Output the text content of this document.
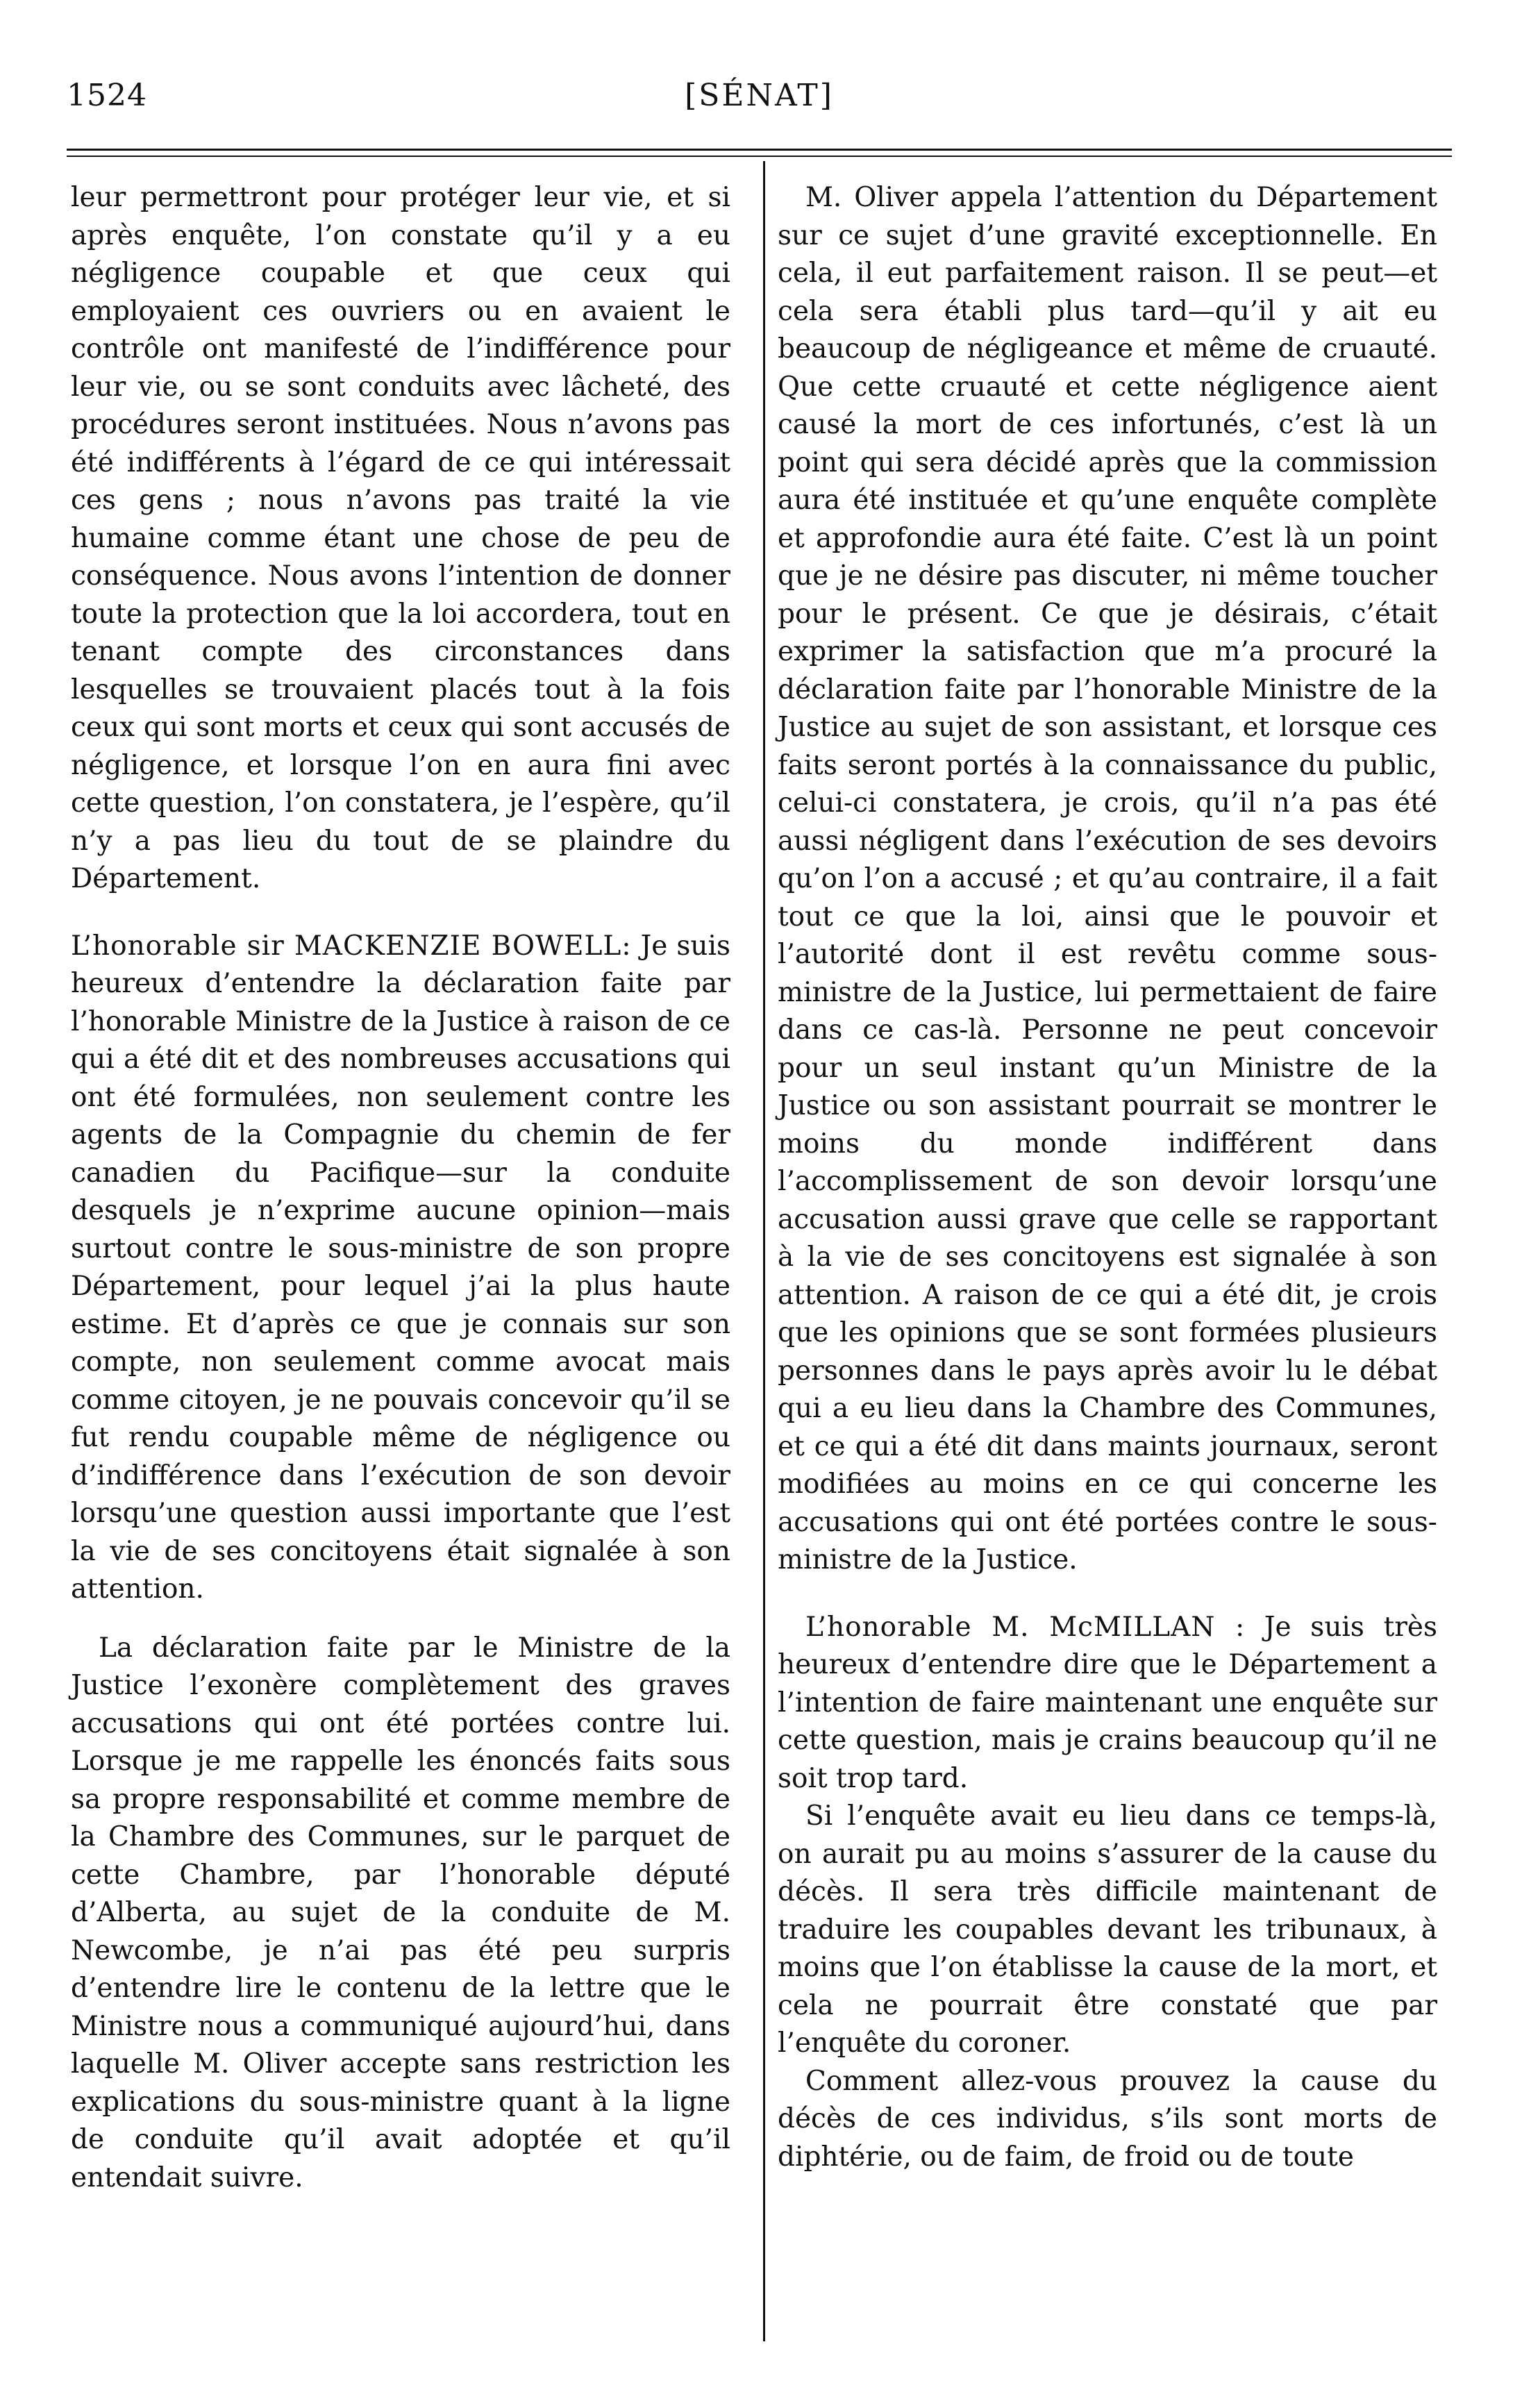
1524	[SÉNAT]

leur permettront pour protéger leur vie, et si après enquête, l’on constate qu’il y a eu négligence coupable et que ceux qui employaient ces ouvriers ou en avaient le contrôle ont manifesté de l’indifférence pour leur vie, ou se sont conduits avec lâcheté, des procédures seront instituées. Nous n’avons pas été indifférents à l’égard de ce qui intéressait ces gens ; nous n’avons pas traité la vie humaine comme étant une chose de peu de conséquence. Nous avons l’intention de donner toute la protection que la loi accordera, tout en tenant compte des circonstances dans lesquelles se trouvaient placés tout à la fois ceux qui sont morts et ceux qui sont accusés de négligence, et lorsque l’on en aura fini avec cette question, l’on constatera, je l’espère, qu’il n’y a pas lieu du tout de se plaindre du Département.

L’honorable sir MACKENZIE BOWELL: Je suis heureux d’entendre la déclaration faite par l’honorable Ministre de la Justice à raison de ce qui a été dit et des nombreuses accusations qui ont été formulées, non seulement contre les agents de la Compagnie du chemin de fer canadien du Pacifique—sur la conduite desquels je n’exprime aucune opinion—mais surtout contre le sous-ministre de son propre Département, pour lequel j’ai la plus haute estime. Et d’après ce que je connais sur son compte, non seulement comme avocat mais comme citoyen, je ne pouvais concevoir qu’il se fut rendu coupable même de négligence ou d’indifférence dans l’exécution de son devoir lorsqu’une question aussi importante que l’est la vie de ses concitoyens était signalée à son attention.

La déclaration faite par le Ministre de la Justice l’exonère complètement des graves accusations qui ont été portées contre lui. Lorsque je me rappelle les énoncés faits sous sa propre responsabilité et comme membre de la Chambre des Communes, sur le parquet de cette Chambre, par l’honorable député d’Alberta, au sujet de la conduite de M. Newcombe, je n’ai pas été peu surpris d’entendre lire le contenu de la lettre que le Ministre nous a communiqué aujourd’hui, dans laquelle M. Oliver accepte sans restriction les explications du sous-ministre quant à la ligne de conduite qu’il avait adoptée et qu’il entendait suivre.

M. Oliver appela l’attention du Département sur ce sujet d’une gravité exceptionnelle. En cela, il eut parfaitement raison. Il se peut—et cela sera établi plus tard—qu’il y ait eu beaucoup de négligeance et même de cruauté. Que cette cruauté et cette négligence aient causé la mort de ces infortunés, c’est là un point qui sera décidé après que la commission aura été instituée et qu’une enquête complète et approfondie aura été faite. C’est là un point que je ne désire pas discuter, ni même toucher pour le présent. Ce que je désirais, c’était exprimer la satisfaction que m’a procuré la déclaration faite par l’honorable Ministre de la Justice au sujet de son assistant, et lorsque ces faits seront portés à la connaissance du public, celui-ci constatera, je crois, qu’il n’a pas été aussi négligent dans l’exécution de ses devoirs qu’on l’on a accusé ; et qu’au contraire, il a fait tout ce que la loi, ainsi que le pouvoir et l’autorité dont il est revêtu comme sous-ministre de la Justice, lui permettaient de faire dans ce cas-là. Personne ne peut concevoir pour un seul instant qu’un Ministre de la Justice ou son assistant pourrait se montrer le moins du monde indifférent dans l’accomplissement de son devoir lorsqu’une accusation aussi grave que celle se rapportant à la vie de ses concitoyens est signalée à son attention. A raison de ce qui a été dit, je crois que les opinions que se sont formées plusieurs personnes dans le pays après avoir lu le débat qui a eu lieu dans la Chambre des Communes, et ce qui a été dit dans maints journaux, seront modifiées au moins en ce qui concerne les accusations qui ont été portées contre le sous-ministre de la Justice.

L’honorable M. McMILLAN : Je suis très heureux d’entendre dire que le Département a l’intention de faire maintenant une enquête sur cette question, mais je crains beaucoup qu’il ne soit trop tard.

Si l’enquête avait eu lieu dans ce temps-là, on aurait pu au moins s’assurer de la cause du décès. Il sera très difficile maintenant de traduire les coupables devant les tribunaux, à moins que l’on établisse la cause de la mort, et cela ne pourrait être constaté que par l’enquête du coroner.

Comment allez-vous prouvez la cause du décès de ces individus, s’ils sont morts de diphtérie, ou de faim, de froid ou de toute
